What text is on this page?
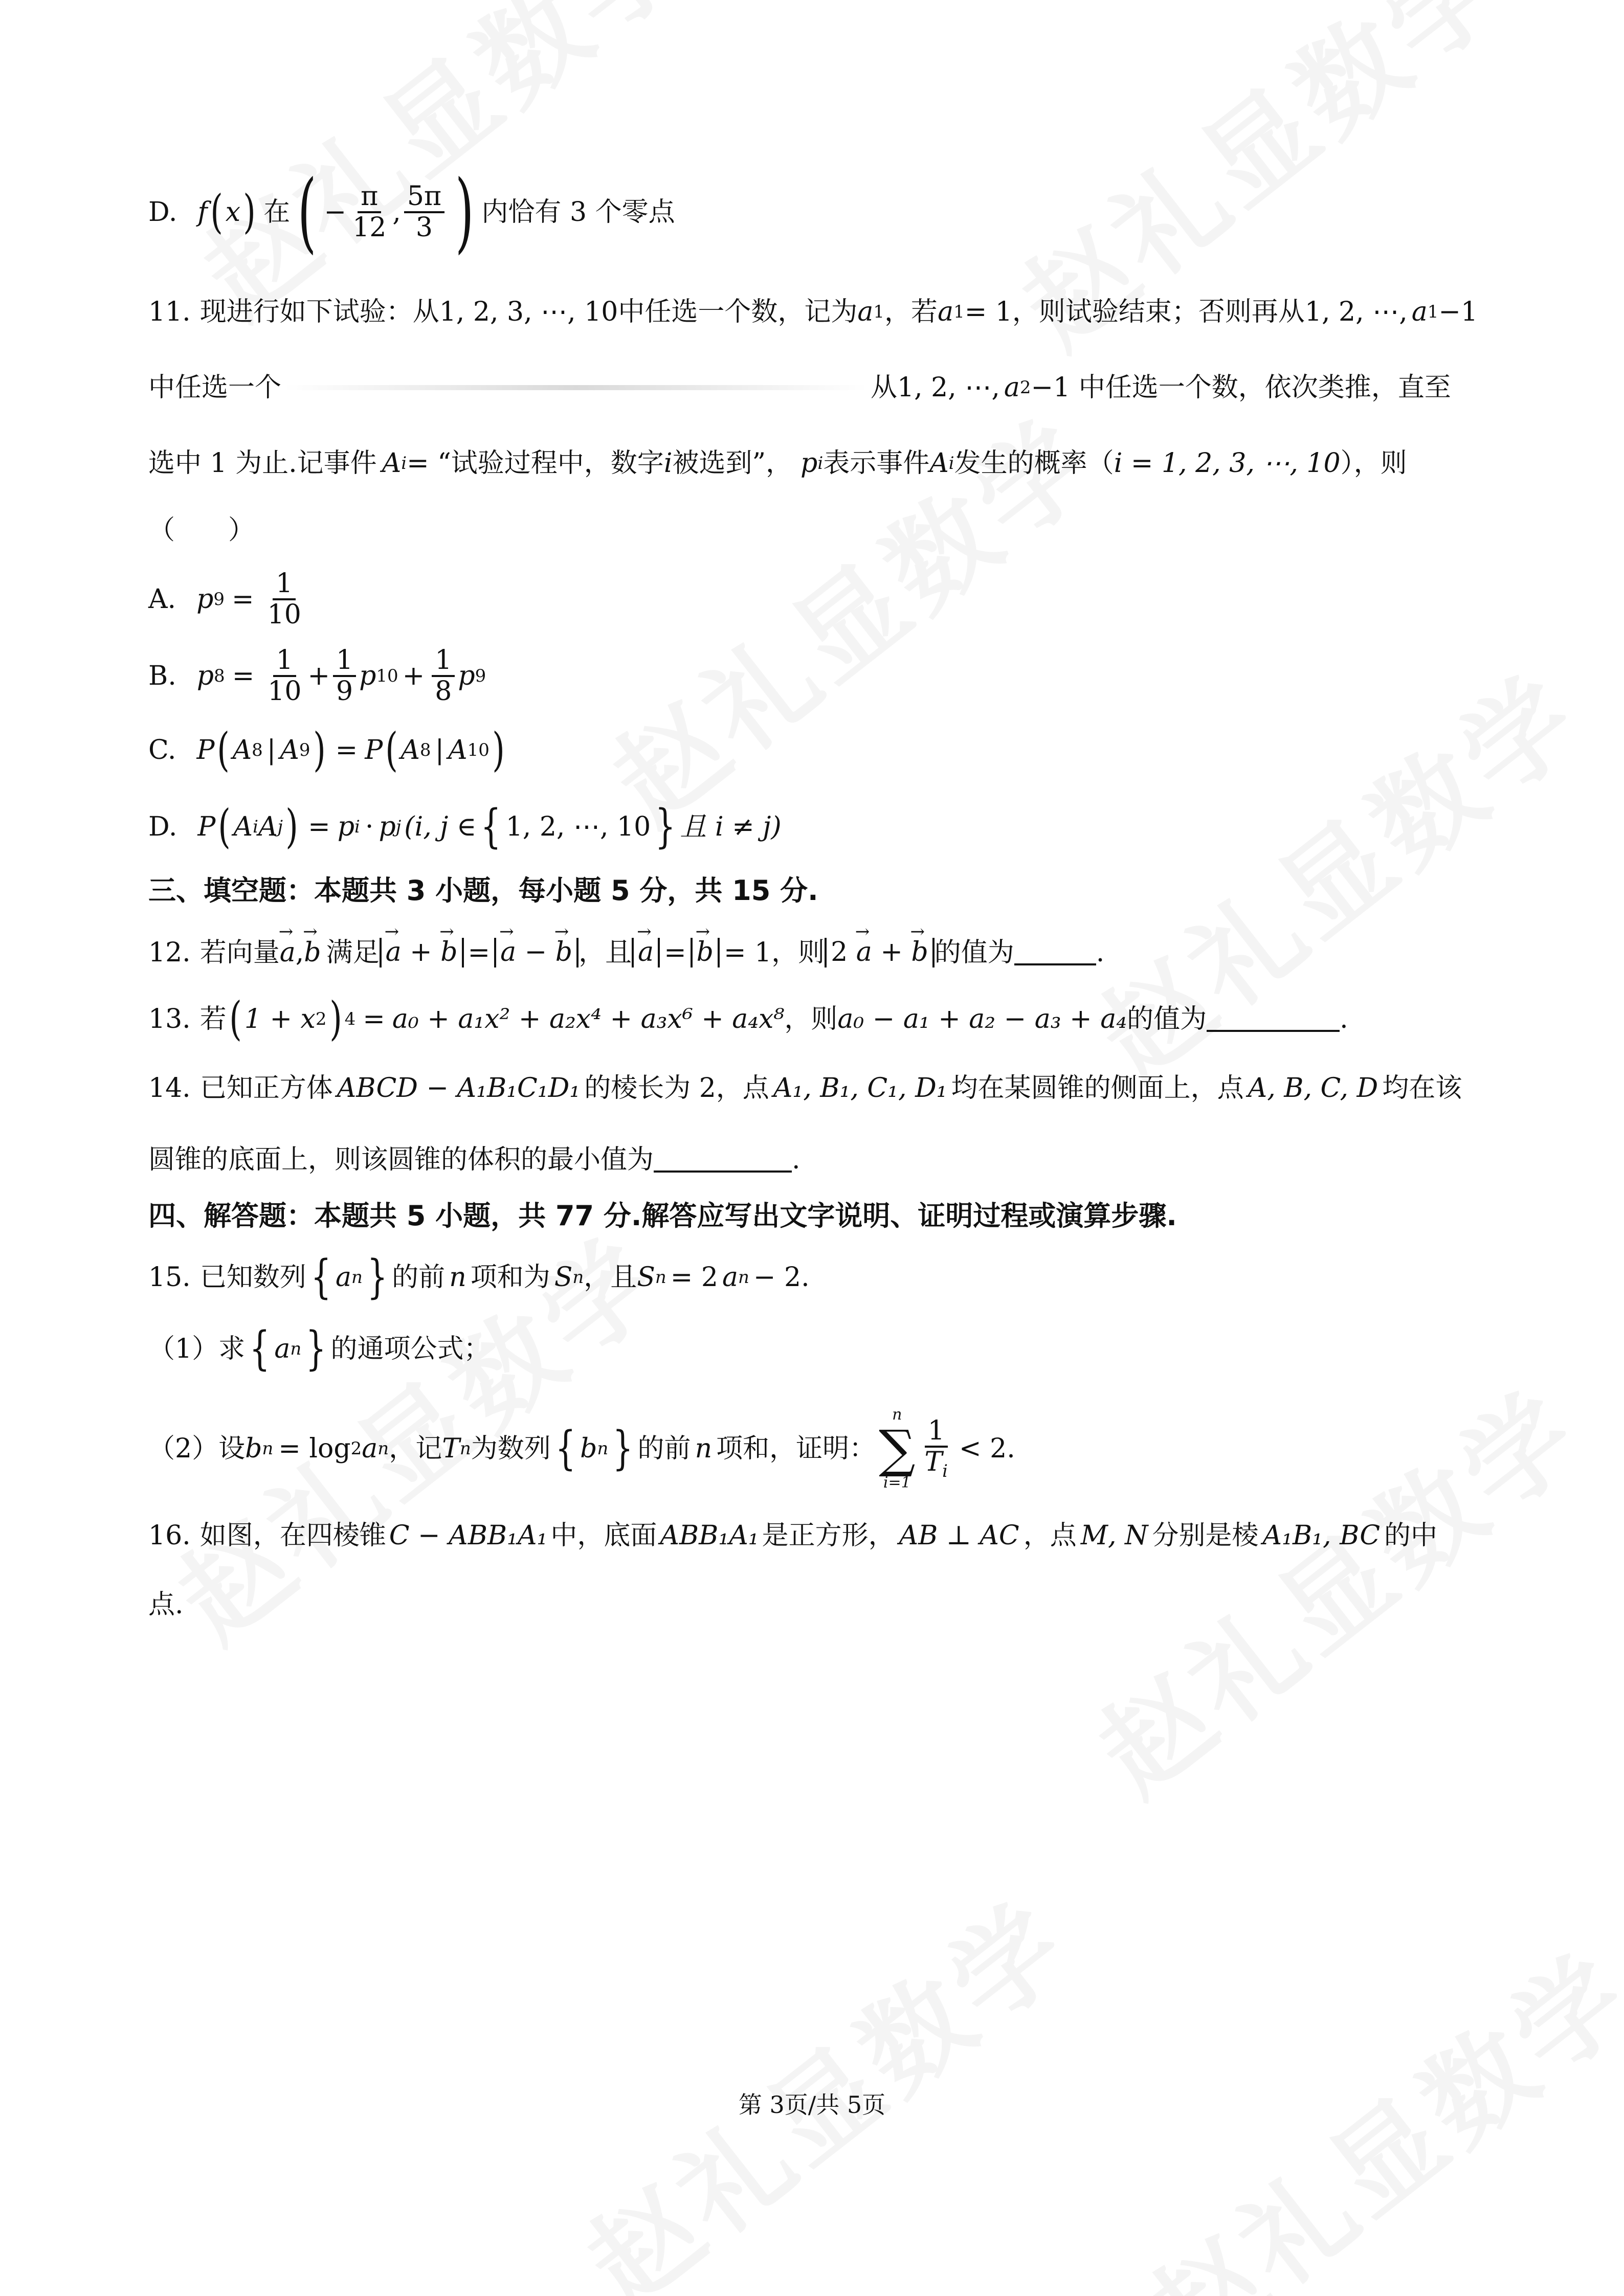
D. f ( x ) 在 ( − $\frac{\pi}{12}$ , $\frac{5\pi}{3}$ ) 内恰有 3 个零点
11. 现进行如下试验：从 1, 2, 3, ⋯, 10 中任选一个数，记为 a 1 ，若 a 1 = 1，则试验结束；否则再从 1, 2, ⋯, a 1 −1
中任选一个	从 1, 2, ⋯, a 2 −1 中任选一个数，依次类推，直至
选中 1 为止.记事件 A i = “试验过程中，数字 i 被选到”， p i 表示事件 A i 发生的概率（ i = 1, 2, 3, ⋯, 10 ），则
（　　）
A. p $9 = \frac{1}{10}$
B. p $8 = \frac{1}{10} + \frac{1}{9}$ p $10 + \frac{1}{8}$ p 9
C. P ( A 8 | A 9 ) = P ( A 8 | A 10 )
D. P ( A i A j ) = p i · p j (i, j ∈ { 1, 2, ⋯, 10 } 且 i ≠ j)
三、填空题：本题共 3 小题，每小题 5 分，共 15 分.
12. 若向量 → a , → b 满足 → a + → b = → a − → b ，且 → a = → b = 1，则 2 → a + → b 的值为	.
13. 若 ( 1 + x 2 ) 4 = a₀ + a₁x² + a₂x⁴ + a₃x⁶ + a₄x⁸ ，则 a₀ − a₁ + a₂ − a₃ + a₄ 的值为	.
14. 已知正方体 ABCD − A₁B₁C₁D₁ 的棱长为 2，点 A₁, B₁, C₁, D₁ 均在某圆锥的侧面上，点 A, B, C, D 均在该
圆锥的底面上，则该圆锥的体积的最小值为	.
四、解答题：本题共 5 小题，共 77 分.解答应写出文字说明、证明过程或演算步骤.
15. 已知数列 { a n } 的前 n 项和为 S n ，且 S n = 2 a n − 2 .
（1）求 { a n } 的通项公式；
（2）设 b n = log 2 a n ，记 T n 为数列 { b n } 的前 n 项和，证明：
n
∑
i=1
$\frac{1}{T_i} < 2$ .
16. 如图，在四棱锥 C − ABB₁A₁ 中，底面 ABB₁A₁ 是正方形， AB ⊥ AC ，点 M, N 分别是棱 A₁B₁, BC 的中
点.
第 3页/共 5页
